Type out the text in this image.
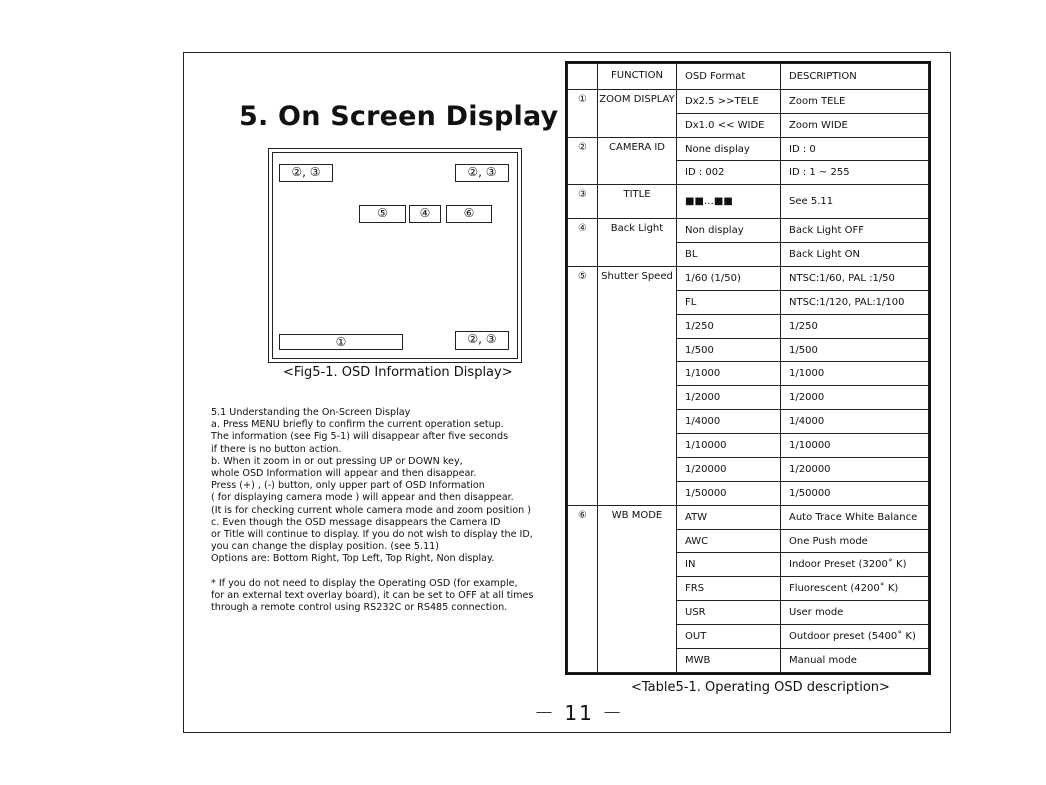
5. On Screen Display
②, ③	②, ③
⑤	④	⑥
①	②, ③
<Fig5-1. OSD Information Display>
5.1 Understanding the On-Screen Display
a. Press MENU briefly to confirm the current operation setup.
The information (see Fig 5-1) will disappear after five seconds
if there is no button action.
b. When it zoom in or out pressing UP or DOWN key,
whole OSD Information will appear and then disappear.
Press (+) , (-) button, only upper part of OSD Information
( for displaying camera mode ) will appear and then disappear.
(It is for checking current whole camera mode and zoom position )
c. Even though the OSD message disappears the Camera ID
or Title will continue to display. If you do not wish to display the ID,
you can change the display position. (see 5.11)
Options are: Bottom Right, Top Left, Top Right, Non display.
* If you do not need to display the Operating OSD (for example,
for an external text overlay board), it can be set to OFF at all times
through a remote control using RS232C or RS485 connection.
	FUNCTION	OSD Format	DESCRIPTION
①	ZOOM DISPLAY	Dx2.5 >>TELE	Zoom TELE
		Dx1.0 << WIDE	Zoom WIDE
②	CAMERA ID	None display	ID : 0
		ID : 002	ID : 1 ~ 255
③	TITLE	■■…■■	See 5.11
④	Back Light	Non display	Back Light OFF
		BL	Back Light ON
⑤	Shutter Speed	1/60 (1/50)	NTSC:1/60, PAL :1/50
		FL	NTSC:1/120, PAL:1/100
		1/250	1/250
		1/500	1/500
		1/1000	1/1000
		1/2000	1/2000
		1/4000	1/4000
		1/10000	1/10000
		1/20000	1/20000
		1/50000	1/50000
⑥	WB MODE	ATW	Auto Trace White Balance
		AWC	One Push mode
		IN	Indoor Preset (3200˚ K)
		FRS	Fluorescent (4200˚ K)
		USR	User mode
		OUT	Outdoor preset (5400˚ K)
		MWB	Manual mode
<Table5-1. Operating OSD description>
－ 11 －
